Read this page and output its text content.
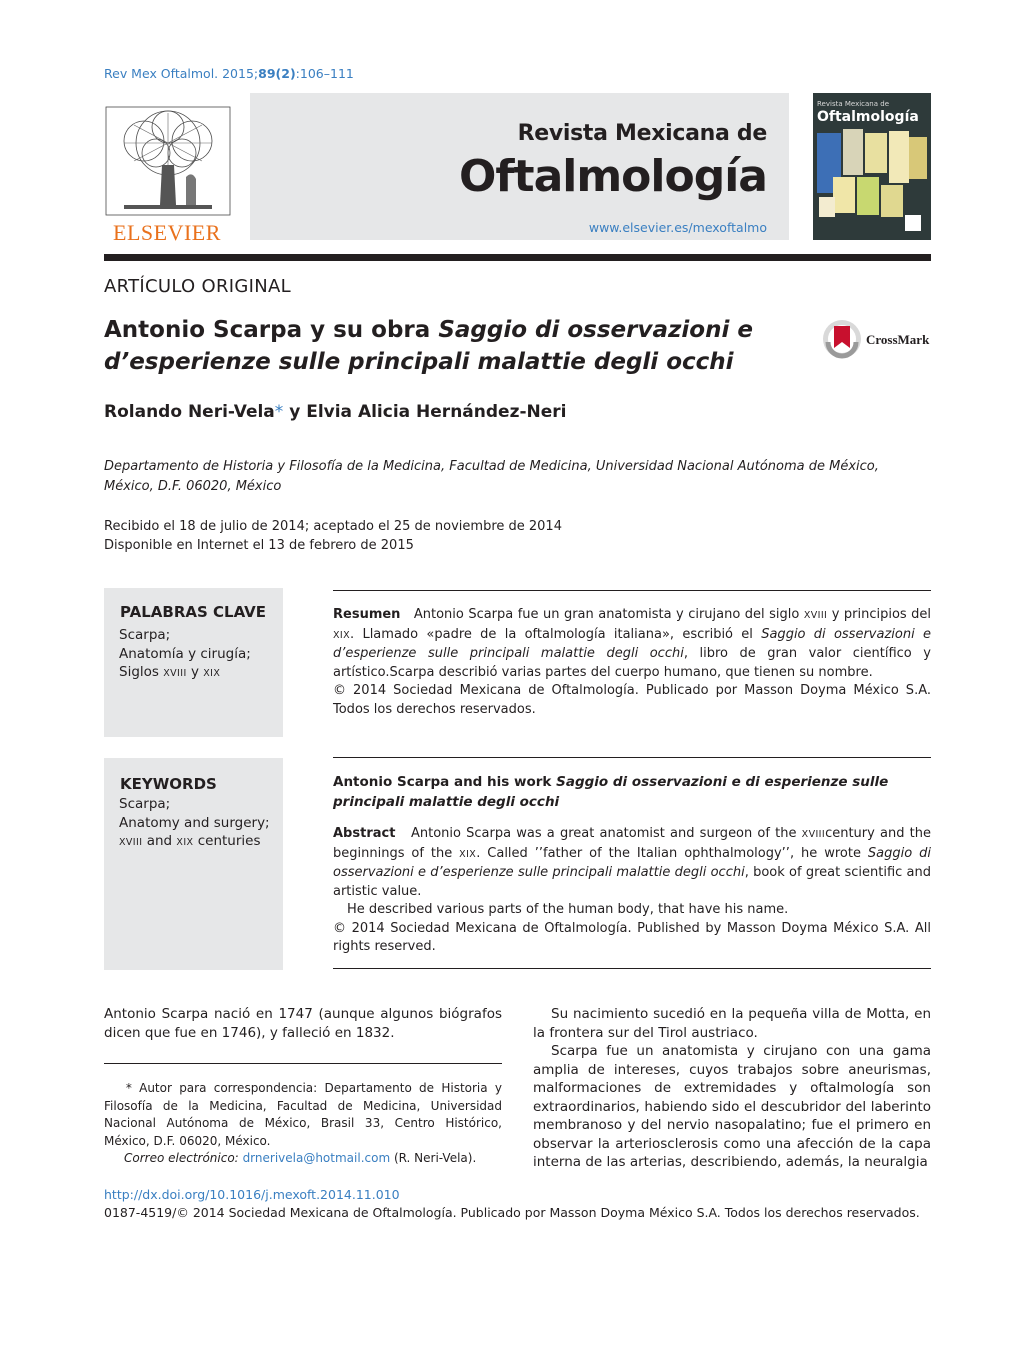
Rev Mex Oftalmol. 2015;89(2):106–111
ELSEVIER
Revista Mexicana de
Oftalmología
www.elsevier.es/mexoftalmo
Revista Mexicana de
Oftalmología
ARTÍCULO ORIGINAL
Antonio Scarpa y su obra Saggio di osservazioni e d’esperienze sulle principali malattie degli occhi
CrossMark
Rolando Neri-Vela* y Elvia Alicia Hernández-Neri
Departamento de Historia y Filosofía de la Medicina, Facultad de Medicina, Universidad Nacional Autónoma de México, México, D.F. 06020, México
Recibido el 18 de julio de 2014; aceptado el 25 de noviembre de 2014
Disponible en Internet el 13 de febrero de 2015
PALABRAS CLAVE
Scarpa;
Anatomía y cirugía;
Siglos XVIII y XIX
Resumen Antonio Scarpa fue un gran anatomista y cirujano del siglo XVIII y principios del XIX. Llamado «padre de la oftalmología italiana», escribió el Saggio di osservazioni e d’esperienze sulle principali malattie degli occhi, libro de gran valor científico y artístico.Scarpa describió varias partes del cuerpo humano, que tienen su nombre.
© 2014 Sociedad Mexicana de Oftalmología. Publicado por Masson Doyma México S.A. Todos los derechos reservados.
KEYWORDS
Scarpa;
Anatomy and surgery;
XVIII and XIX centuries
Antonio Scarpa and his work Saggio di osservazioni e di esperienze sulle principali malattie degli occhi
Abstract Antonio Scarpa was a great anatomist and surgeon of the XVIIIcentury and the beginnings of the XIX. Called ’’father of the Italian ophthalmology’’, he wrote Saggio di osservazioni e d’esperienze sulle principali malattie degli occhi, book of great scientific and artistic value.
He described various parts of the human body, that have his name.
© 2014 Sociedad Mexicana de Oftalmología. Published by Masson Doyma México S.A. All rights reserved.

Antonio Scarpa nació en 1747 (aunque algunos biógrafos dicen que fue en 1746), y falleció en 1832.

Su nacimiento sucedió en la pequeña villa de Motta, en la frontera sur del Tirol austriaco.

Scarpa fue un anatomista y cirujano con una gama amplia de intereses, cuyos trabajos sobre aneurismas, malformaciones de extremidades y oftalmología son extraordinarios, habiendo sido el descubridor del laberinto membranoso y del nervio nasopalatino; fue el primero en observar la arteriosclerosis como una afección de la capa interna de las arterias, describiendo, además, la neuralgia

* Autor para correspondencia: Departamento de Historia y Filosofía de la Medicina, Facultad de Medicina, Universidad Nacional Autónoma de México, Brasil 33, Centro Histórico, México, D.F. 06020, México.
Correo electrónico: drnerivela@hotmail.com (R. Neri-Vela).
http://dx.doi.org/10.1016/j.mexoft.2014.11.010
0187-4519/© 2014 Sociedad Mexicana de Oftalmología. Publicado por Masson Doyma México S.A. Todos los derechos reservados.
